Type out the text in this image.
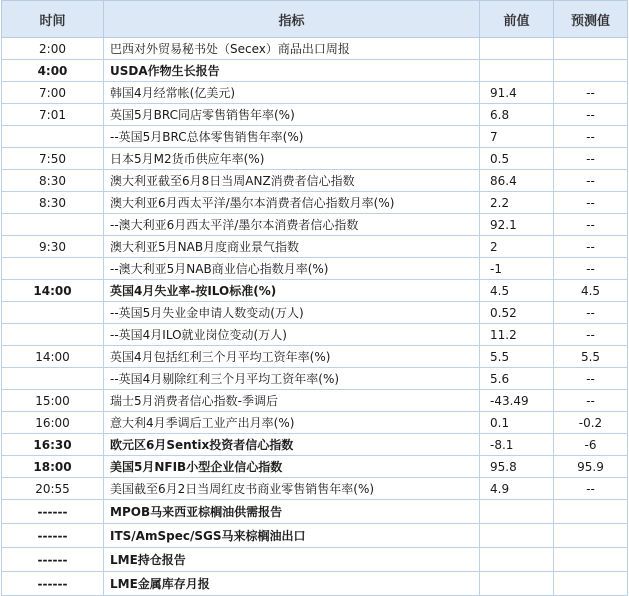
时间	指标	前值	预测值
2:00	巴西对外贸易秘书处（Secex）商品出口周报		
4:00	USDA作物生长报告		
7:00	韩国4月经常帐(亿美元)	91.4	--
7:01	英国5月BRC同店零售销售年率(%)	6.8	--
	--英国5月BRC总体零售销售年率(%)	7	--
7:50	日本5月M2货币供应年率(%)	0.5	--
8:30	澳大利亚截至6月8日当周ANZ消费者信心指数	86.4	--
8:30	澳大利亚6月西太平洋/墨尔本消费者信心指数月率(%)	2.2	--
	--澳大利亚6月西太平洋/墨尔本消费者信心指数	92.1	--
9:30	澳大利亚5月NAB月度商业景气指数	2	--
	--澳大利亚5月NAB商业信心指数月率(%)	-1	--
14:00	英国4月失业率-按ILO标准(%)	4.5	4.5
	--英国5月失业金申请人数变动(万人)	0.52	--
	--英国4月ILO就业岗位变动(万人)	11.2	--
14:00	英国4月包括红利三个月平均工资年率(%)	5.5	5.5
	--英国4月剔除红利三个月平均工资年率(%)	5.6	--
15:00	瑞士5月消费者信心指数-季调后	-43.49	--
16:00	意大利4月季调后工业产出月率(%)	0.1	-0.2
16:30	欧元区6月Sentix投资者信心指数	-8.1	-6
18:00	美国5月NFIB小型企业信心指数	95.8	95.9
20:55	美国截至6月2日当周红皮书商业零售销售年率(%)	4.9	--
------	MPOB马来西亚棕榈油供需报告		
------	ITS/AmSpec/SGS马来棕榈油出口		
------	LME持仓报告		
------	LME金属库存月报		
